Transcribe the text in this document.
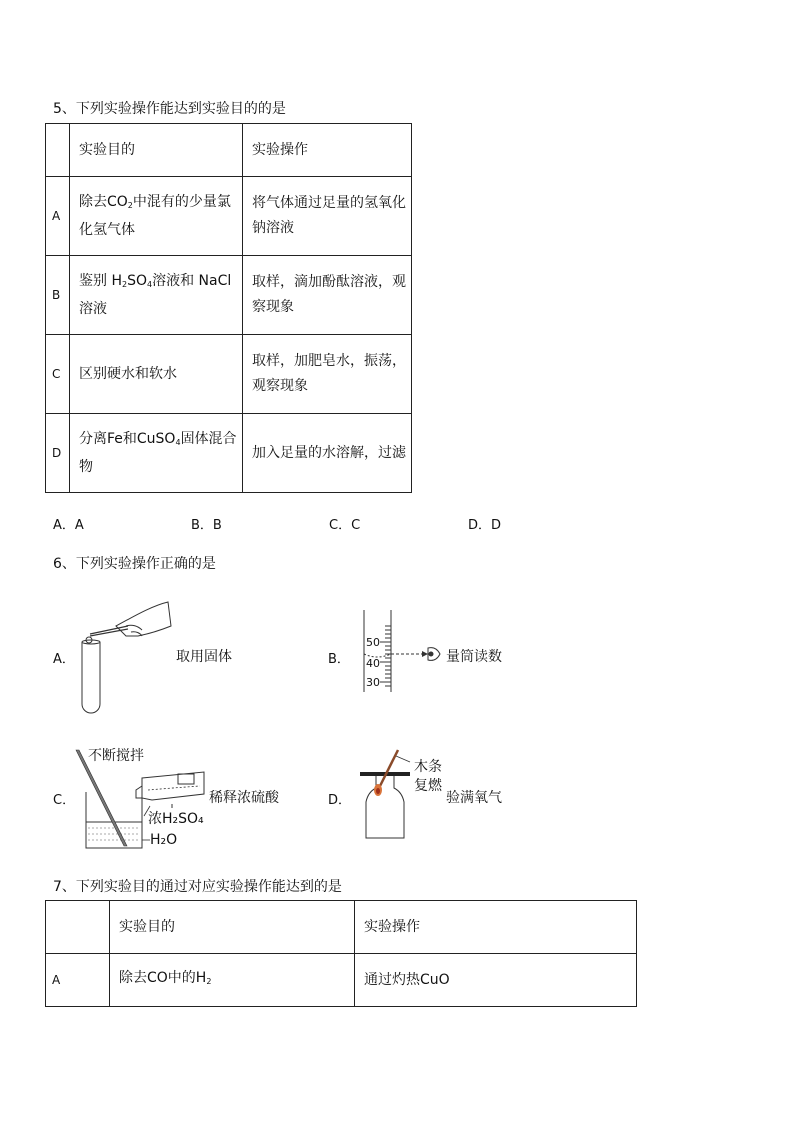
5、下列实验操作能达到实验目的的是
	实验目的	实验操作
A	除去$CO_2$中混有的少量氯化氢气体	将气体通过足量的氢氧化钠溶液
B	鉴别 $H_2SO_4$溶液和 NaCl溶液	取样，滴加酚酞溶液，观察现象
C	区别硬水和软水	取样，加肥皂水，振荡，观察现象
D	分离Fe和CuSO$_4$固体混合物	加入足量的水溶解，过滤
A．A	B．B	C．C	D．D
6、下列实验操作正确的是
A．	取用固体	B．
50
40
30
量筒读数
C．
不断搅拌
浓H₂SO₄
H₂O
稀释浓硫酸	D．
木条
复燃
验满氧气
7、下列实验目的通过对应实验操作能达到的是
	实验目的	实验操作
A	除去CO中的$H_2$	通过灼热CuO
